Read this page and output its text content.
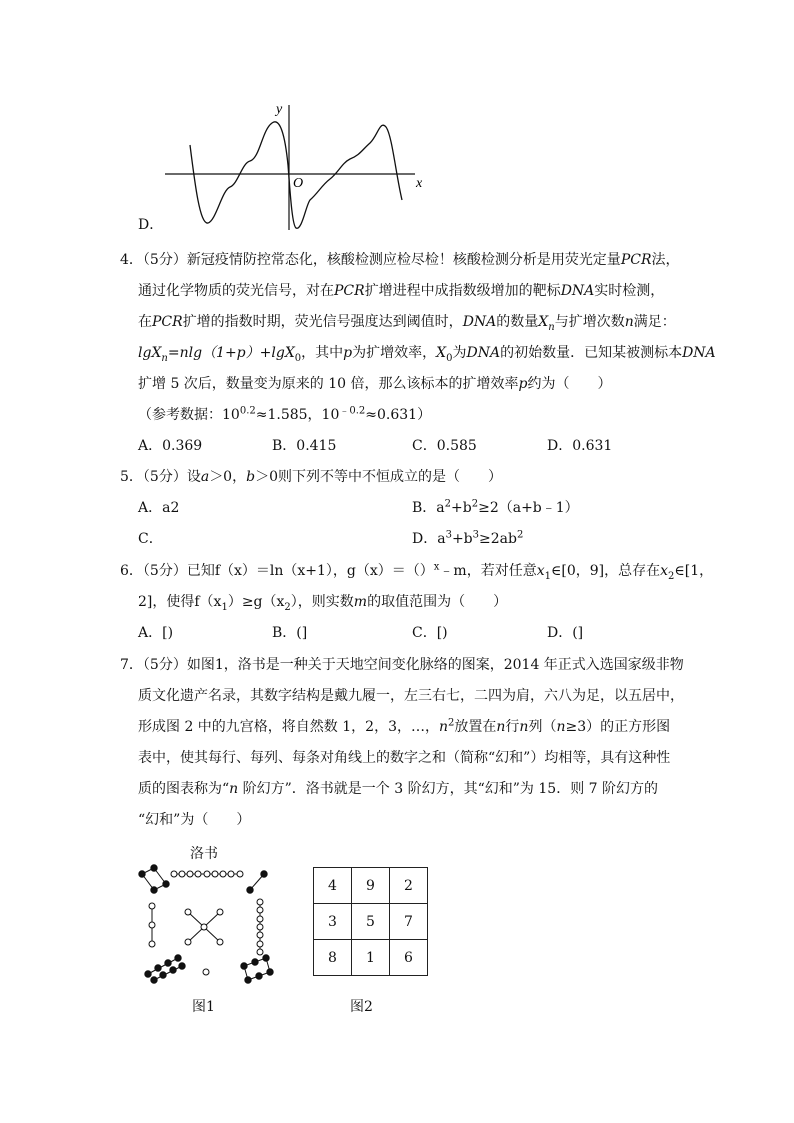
y
x
O
D．
4．（5分）新冠疫情防控常态化，核酸检测应检尽检！核酸检测分析是用荧光定量PCR法，
通过化学物质的荧光信号，对在PCR扩增进程中成指数级增加的靶标DNA实时检测，
在PCR扩增的指数时期，荧光信号强度达到阈值时，DNA的数量$X_n$与扩增次数n满足：
lgX$_n$=nlg（1+p）+lgX$_0$，其中p为扩增效率，$X_0$为DNA的初始数量．已知某被测标本DNA
扩增 5 次后，数量变为原来的 10 倍，那么该标本的扩增效率p约为（　　）
（参考数据：$10^{0.2}\approx 1.585$，$10^{﹣0.2}\approx 0.631$）
A．0.369	B．0.415	C．0.585	D．0.631
5．（5分）设a＞0，b＞0则下列不等中不恒成立的是（　　）
A．a2	B．$a^2+b^2\ge 2(a+b﹣1)$
C．	D．$a^3+b^3\ge 2ab^2$
6．（5分）已知f（x）＝ln（x+1），g（x）＝（）$^x$﹣m，若对任意$x_1\in[0$，9]，总存在$x_2\in[1$，
2]，使得$f(x_1)\ge g(x_2)$，则实数m的取值范围为（　　）
A．[)	B．(]	C．[)	D．(]
7．（5分）如图1，洛书是一种关于天地空间变化脉络的图案，2014 年正式入选国家级非物
质文化遗产名录，其数字结构是戴九履一，左三右七，二四为肩，六八为足，以五居中，
形成图 2 中的九宫格，将自然数 1，2，3，…，$n^2$放置在n行n列（n≥3）的正方形图
表中，使其每行、每列、每条对角线上的数字之和（简称“幻和”）均相等，具有这种性
质的图表称为“n 阶幻方”．洛书就是一个 3 阶幻方，其“幻和”为 15．则 7 阶幻方的
“幻和”为（　　）
洛书
图1
4	9	2
3	5	7
8	1	6
图2
